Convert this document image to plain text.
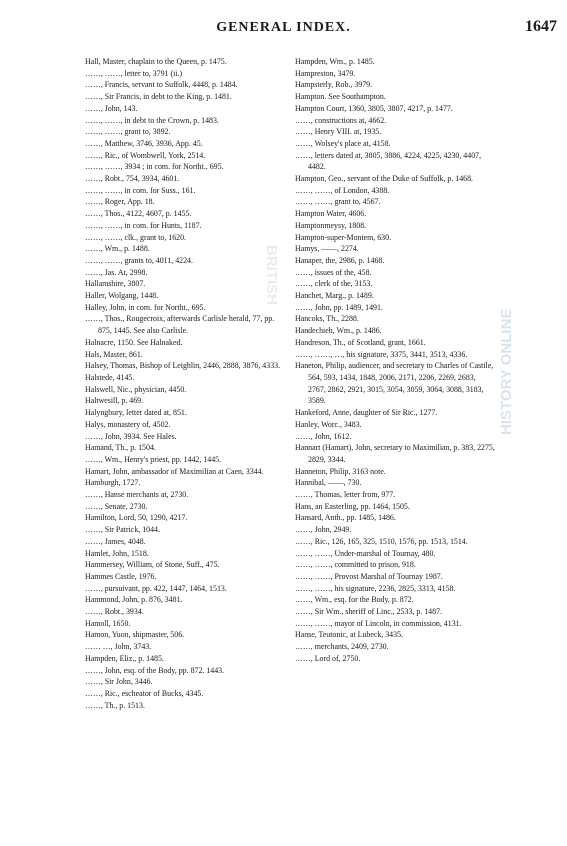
GENERAL INDEX.	1647
BRITISH
HISTORY ONLINE

Hall, Master, chaplain to the Queen, p. 1475.

……, ……, letter to, 3791 (ii.)

……, Francis, servant to Suffolk, 4448, p. 1484.

……, Sir Francis, in debt to the King, p. 1481.

……, John, 143.

……, ……, in debt to the Crown, p. 1483.

……, ……, grant to, 3892.

……, Matthew, 3746, 3936, App. 45.

……, Ric., of Wombwell, York, 2514.

……, ……, 3934 ; in com. for Northt., 695.

……, Robt., 754, 3934, 4601.

……, ……, in com. for Suss., 161.

……, Roger, App. 18.

……, Thos., 4122, 4607, p. 1455.

……, ……, in com. for Hunts, 1187.

……, ……, clk., grant to, 1620.

……, Wm., p. 1488.

……, ……, grants to, 4011, 4224.

……, Jas. At, 2998.

Hallamshire, 3807.

Haller, Wolgang, 1448.

Halley, John, in com. for Northt., 695.

……, Thos., Rougecroix, afterwards Carlisle herald, 77, pp. 875, 1445. See also Carlisle.

Halnacre, 1150. See Halnaked.

Hals, Master, 861.

Halsey, Thomas, Bishop of Leighlin, 2446, 2888, 3876, 4333.

Halstede, 4145.

Halswell, Nic., physician, 4450.

Haltwesill, p. 469.

Halyngbury, letter dated at, 851.

Halys, monastery of, 4502.

……, John, 3934. See Hales.

Hamand, Th., p. 1504.

……, Wm., Henry's priest, pp. 1442, 1445.

Hamart, John, ambassador of Maximilian at Caen, 3344.

Hamburgh, 1727.

……, Hanse merchants at, 2730.

……, Senate, 2730.

Hamilton, Lord, 50, 1290, 4217.

……, Sir Patrick, 1044.

……, James, 4048.

Hamlet, John, 1518.

Hammersey, William, of Stone, Suff., 475.

Hammes Castle, 1976.

……, pursuivant, pp. 422, 1447, 1464, 1513.

Hammond, John, p. 876, 3481.

……, Robt., 3934.

Hamoll, 1650.

Hamon, Yuon, shipmaster, 506.

…… …, John, 3743.

Hampden, Eliz., p. 1485.

……, John, esq. of the Body, pp. 872. 1443.

……, Sir John, 3446.

……, Ric., escheator of Bucks, 4345.

……, Th., p. 1513.

Hampden, Wm., p. 1485.

Hampreston, 3479.

Hampsterly, Rob., 3979.

Hampton. See Southampton.

Hampton Court, 1360, 3805, 3807, 4217, p. 1477.

……, constructions at, 4662.

……, Henry VIII. at, 1935.

……, Wolsey's place at, 4158.

……, letters dated at, 3805, 3886, 4224, 4225, 4230, 4407, 4482.

Hampton, Geo., servant of the Duke of Suffolk, p. 1468.

……, ……, of London, 4388.

……, ……, grant to, 4567.

Hampton Water, 4606.

Hamptonmeysy, 1808.

Hampton-super-Montem, 630.

Hamys, ——, 2274.

Hanaper, the, 2986, p. 1468.

……, issues of the, 458.

……, clerk of the, 3153.

Hanchet, Marg., p. 1489.

……, John, pp. 1489, 1491.

Hancoks, Th., 2288.

Handechieh, Wm., p. 1486.

Handreson, Th., of Scotland, grant, 1661.

……, ……, …, his signature, 3375, 3441, 3513, 4336.

Haneton, Philip, audiencer, and secretary to Charles of Castile, 564, 593, 1434, 1848, 2006, 2171, 2206, 2269, 2683, 2767, 2862, 2921, 3015, 3054, 3059, 3064, 3088, 3183, 3589.

Hankeford, Anne, daughter of Sir Ric., 1277.

Hanley, Worc., 3483.

……, John, 1612.

Hannart (Hamart), John, secretary to Maximilian, p. 383, 2275, 2829, 3344.

Hanneton, Philip, 3163 note.

Hannibal, ——, 730.

……, Thomas, letter from, 977.

Hans, an Easterling, pp. 1464, 1505.

Hansard, Anth., pp. 1485, 1486.

……, John, 2949.

……, Ric., 126, 165, 325, 1510, 1576, pp. 1513, 1514.

……, ……, Under-marshal of Tournay, 480.

……, ……, committed to prison, 918.

……, ……, Provost Marshal of Tournay 1987.

……, ……, his signature, 2236, 2825, 3313, 4158.

……, Wm., esq. for the Body, p. 872.

……, Sir Wm., sheriff of Linc., 2533, p. 1487.

……, ……, mayor of Lincoln, in commission, 4131.

Hanse, Teutonic, at Lubeck, 3435.

……, merchants, 2409, 2730.

……, Lord of, 2750.
